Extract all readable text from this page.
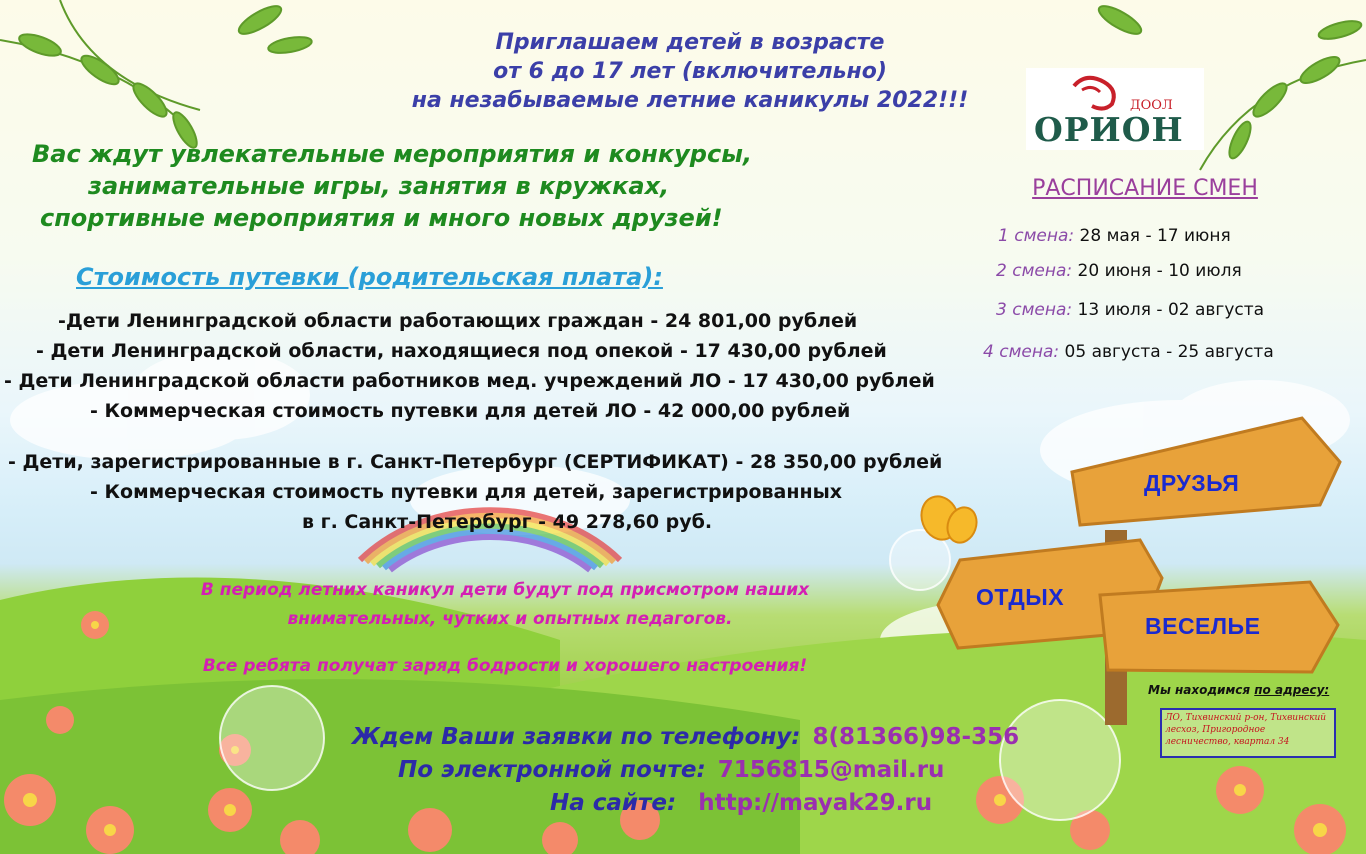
Приглашаем детей в возрасте
от 6 до 17 лет (включительно)
на незабываемые летние каникулы 2022!!!
Вас ждут увлекательные мероприятия и конкурсы,
занимательные игры, занятия в кружках,
спортивные мероприятия и много новых друзей!
Стоимость путевки (родительская плата):
-Дети Ленинградской области работающих граждан - 24 801,00 рублей
- Дети Ленинградской области, находящиеся под опекой - 17 430,00 рублей
- Дети Ленинградской области работников мед. учреждений ЛО - 17 430,00 рублей
- Коммерческая стоимость путевки для детей ЛО - 42 000,00 рублей
- Дети, зарегистрированные в г. Санкт-Петербург (СЕРТИФИКАТ) - 28 350,00 рублей
- Коммерческая стоимость путевки для детей, зарегистрированных
в г. Санкт-Петербург - 49 278,60 руб.
В период летних каникул дети будут под присмотром наших
внимательных, чутких и опытных педагогов.
Все ребята получат заряд бодрости и хорошего настроения!
Ждем Ваши заявки по телефону: 8(81366)98-356
По электронной почте: 7156815@mail.ru
На сайте: http://mayak29.ru
ДООЛ
ОРИОН
РАСПИСАНИЕ СМЕН
1 смена: 28 мая - 17 июня
2 смена: 20 июня - 10 июля
3 смена: 13 июля - 02 августа
4 смена: 05 августа - 25 августа
ДРУЗЬЯ
ОТДЫХ
ВЕСЕЛЬЕ
Мы находимся по адресу:
ЛО, Тихвинский р-он, Тихвинский лесхоз, Пригородное лесничество, квартал 34
